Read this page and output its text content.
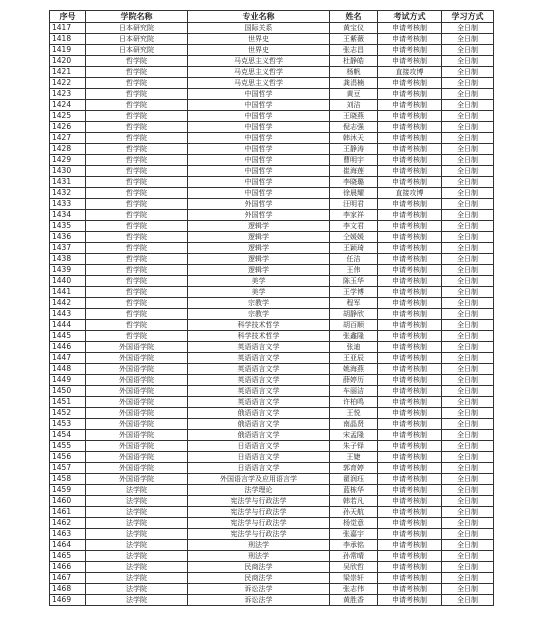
序号	学院名称	专业名称	姓名	考试方式	学习方式
1417	日本研究院	国际关系	黄宝仪	申请考核制	全日制
1418	日本研究院	世界史	王紫薇	申请考核制	全日制
1419	日本研究院	世界史	张志昌	申请考核制	全日制
1420	哲学院	马克思主义哲学	杜静皓	申请考核制	全日制
1421	哲学院	马克思主义哲学	杨帆	直接攻博	全日制
1422	哲学院	马克思主义哲学	龚涓楠	申请考核制	全日制
1423	哲学院	中国哲学	黄豆	申请考核制	全日制
1424	哲学院	中国哲学	刘洁	申请考核制	全日制
1425	哲学院	中国哲学	王晓燕	申请考核制	全日制
1426	哲学院	中国哲学	倪志强	申请考核制	全日制
1427	哲学院	中国哲学	韩沐天	申请考核制	全日制
1428	哲学院	中国哲学	王静涛	申请考核制	全日制
1429	哲学院	中国哲学	曹明宇	申请考核制	全日制
1430	哲学院	中国哲学	崔海莲	申请考核制	全日制
1431	哲学院	中国哲学	李晓璐	申请考核制	全日制
1432	哲学院	中国哲学	徐晨耀	直接攻博	全日制
1433	哲学院	外国哲学	汪明君	申请考核制	全日制
1434	哲学院	外国哲学	李家祥	申请考核制	全日制
1435	哲学院	逻辑学	李文君	申请考核制	全日制
1436	哲学院	逻辑学	仝媛媛	申请考核制	全日制
1437	哲学院	逻辑学	王颖琦	申请考核制	全日制
1438	哲学院	逻辑学	任洁	申请考核制	全日制
1439	哲学院	逻辑学	王伟	申请考核制	全日制
1440	哲学院	美学	陈玉华	申请考核制	全日制
1441	哲学院	美学	王学博	申请考核制	全日制
1442	哲学院	宗教学	程军	申请考核制	全日制
1443	哲学院	宗教学	胡静欣	申请考核制	全日制
1444	哲学院	科学技术哲学	胡百顺	申请考核制	全日制
1445	哲学院	科学技术哲学	张鑫隆	申请考核制	全日制
1446	外国语学院	英语语言文学	张迪	申请考核制	全日制
1447	外国语学院	英语语言文学	王亚辰	申请考核制	全日制
1448	外国语学院	英语语言文学	姚海燕	申请考核制	全日制
1449	外国语学院	英语语言文学	薛婷历	申请考核制	全日制
1450	外国语学院	英语语言文学	车丽洁	申请考核制	全日制
1451	外国语学院	英语语言文学	许柏鸣	申请考核制	全日制
1452	外国语学院	俄语语言文学	王悦	申请考核制	全日制
1453	外国语学院	俄语语言文学	南晶贤	申请考核制	全日制
1454	外国语学院	俄语语言文学	宋孟隆	申请考核制	全日制
1455	外国语学院	日语语言文学	朱子铎	申请考核制	全日制
1456	外国语学院	日语语言文学	王婕	申请考核制	全日制
1457	外国语学院	日语语言文学	郭育婷	申请考核制	全日制
1458	外国语学院	外国语言学及应用语言学	翟润珏	申请考核制	全日制
1459	法学院	法学理论	蓝栋华	申请考核制	全日制
1460	法学院	宪法学与行政法学	韩若凡	申请考核制	全日制
1461	法学院	宪法学与行政法学	孙天航	申请考核制	全日制
1462	法学院	宪法学与行政法学	杨觉意	申请考核制	全日制
1463	法学院	宪法学与行政法学	张嘉宇	申请考核制	全日制
1464	法学院	刑法学	李承铭	申请考核制	全日制
1465	法学院	刑法学	孙常晴	申请考核制	全日制
1466	法学院	民商法学	吴欣哲	申请考核制	全日制
1467	法学院	民商法学	梁崇轩	申请考核制	全日制
1468	法学院	诉讼法学	张志伟	申请考核制	全日制
1469	法学院	诉讼法学	黄胜香	申请考核制	全日制
